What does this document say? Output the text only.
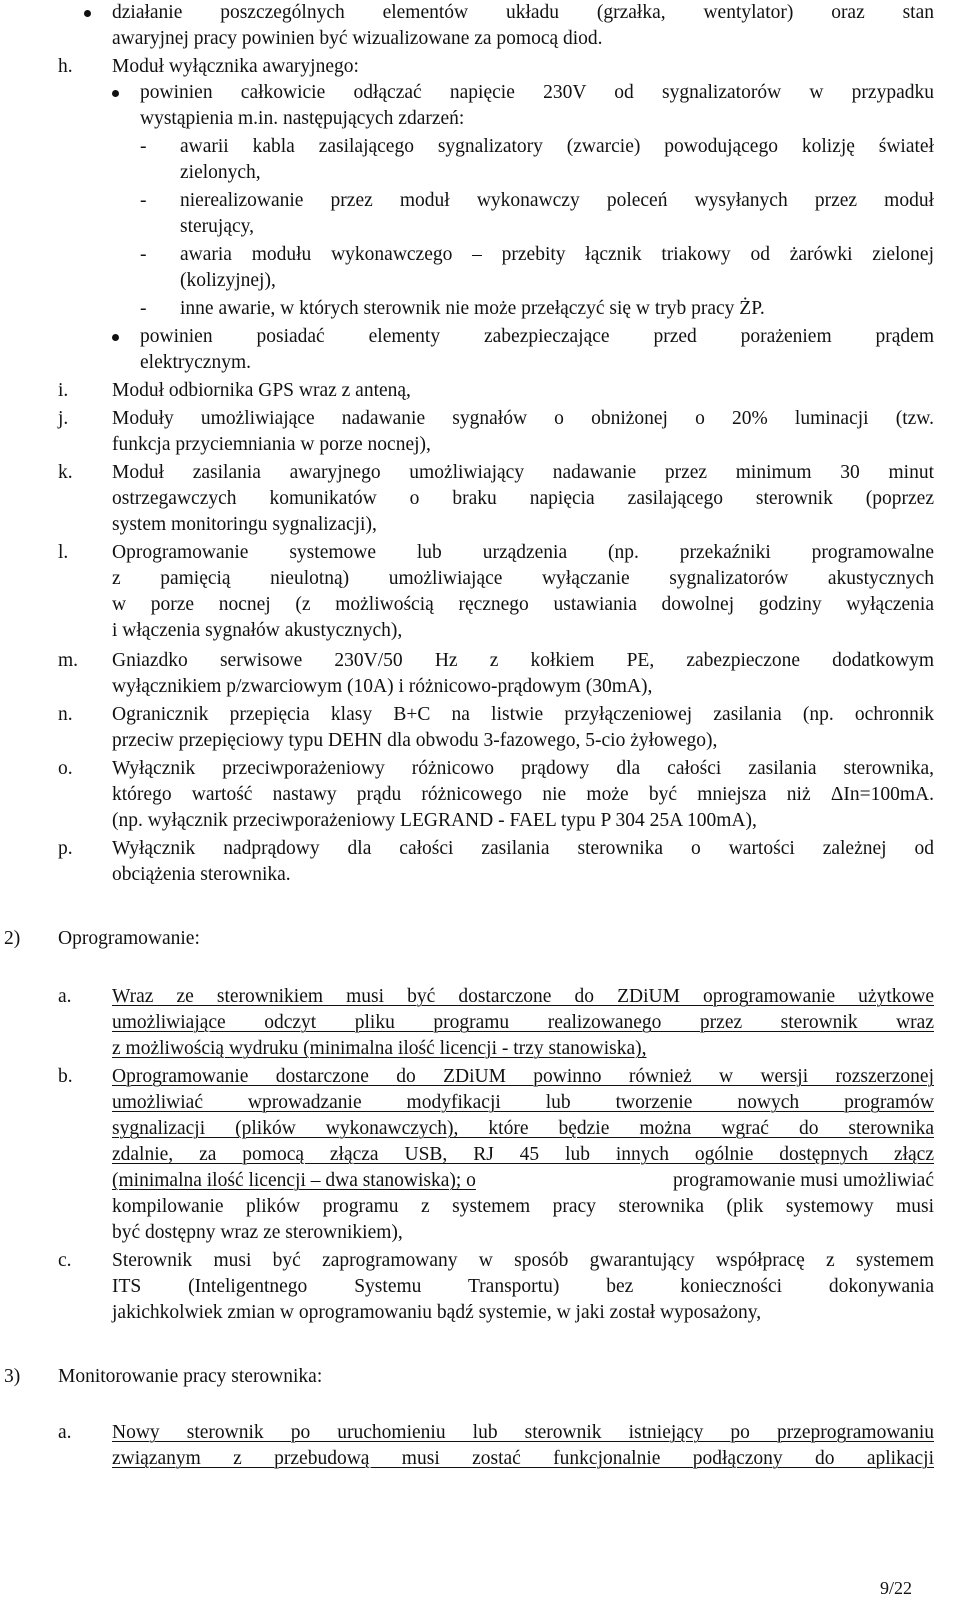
działanie poszczególnych elementów układu (grzałka, wentylator) oraz stan
awaryjnej pracy powinien być wizualizowane za pomocą diod.
h. Moduł wyłącznika awaryjnego:
powinien całkowicie odłączać napięcie 230V od sygnalizatorów w przypadku
wystąpienia m.in. następujących zdarzeń:
- awarii kabla zasilającego sygnalizatory (zwarcie) powodującego kolizję świateł
zielonych,
- nierealizowanie przez moduł wykonawczy poleceń wysyłanych przez moduł
sterujący,
- awaria modułu wykonawczego – przebity łącznik triakowy od żarówki zielonej
(kolizyjnej),
- inne awarie, w których sterownik nie może przełączyć się w tryb pracy ŻP.
powinien posiadać elementy zabezpieczające przed porażeniem prądem
elektrycznym.
i. Moduł odbiornika GPS wraz z anteną,
j. Moduły umożliwiające nadawanie sygnałów o obniżonej o 20% luminacji (tzw.
funkcja przyciemniania w porze nocnej),
k. Moduł zasilania awaryjnego umożliwiający nadawanie przez minimum 30 minut
ostrzegawczych komunikatów o braku napięcia zasilającego sterownik (poprzez
system monitoringu sygnalizacji),
l. Oprogramowanie systemowe lub urządzenia (np. przekaźniki programowalne
z pamięcią nieulotną) umożliwiające wyłączanie sygnalizatorów akustycznych
w porze nocnej (z możliwością ręcznego ustawiania dowolnej godziny wyłączenia
i włączenia sygnałów akustycznych),
m. Gniazdko serwisowe 230V/50 Hz z kołkiem PE, zabezpieczone dodatkowym
wyłącznikiem p/zwarciowym (10A) i różnicowo-prądowym (30mA),
n. Ogranicznik przepięcia klasy B+C na listwie przyłączeniowej zasilania (np. ochronnik
przeciw przepięciowy typu DEHN dla obwodu 3-fazowego, 5-cio żyłowego),
o. Wyłącznik przeciwporażeniowy różnicowo prądowy dla całości zasilania sterownika,
którego wartość nastawy prądu różnicowego nie może być mniejsza niż ΔIn=100mA.
(np. wyłącznik przeciwporażeniowy LEGRAND - FAEL typu P 304 25A 100mA),
p. Wyłącznik nadprądowy dla całości zasilania sterownika o wartości zależnej od
obciążenia sterownika.
2) Oprogramowanie:
a. Wraz ze sterownikiem musi być dostarczone do ZDiUM oprogramowanie użytkowe
umożliwiające odczyt pliku programu realizowanego przez sterownik wraz
z możliwością wydruku (minimalna ilość licencji - trzy stanowiska),
b. Oprogramowanie dostarczone do ZDiUM powinno również w wersji rozszerzonej
umożliwiać wprowadzanie modyfikacji lub tworzenie nowych programów
sygnalizacji (plików wykonawczych), które będzie można wgrać do sterownika
zdalnie, za pomocą złącza USB, RJ 45 lub innych ogólnie dostępnych złącz
(minimalna ilość licencji – dwa stanowiska); o	programowanie musi umożliwiać
kompilowanie plików programu z systemem pracy sterownika (plik systemowy musi
być dostępny wraz ze sterownikiem),
c. Sterownik musi być zaprogramowany w sposób gwarantujący współpracę z systemem
ITS (Inteligentnego Systemu Transportu) bez konieczności dokonywania
jakichkolwiek zmian w oprogramowaniu bądź systemie, w jaki został wyposażony,
3) Monitorowanie pracy sterownika:
a. Nowy sterownik po uruchomieniu lub sterownik istniejący po przeprogramowaniu
związanym z przebudową musi zostać funkcjonalnie podłączony do aplikacji
9/22
